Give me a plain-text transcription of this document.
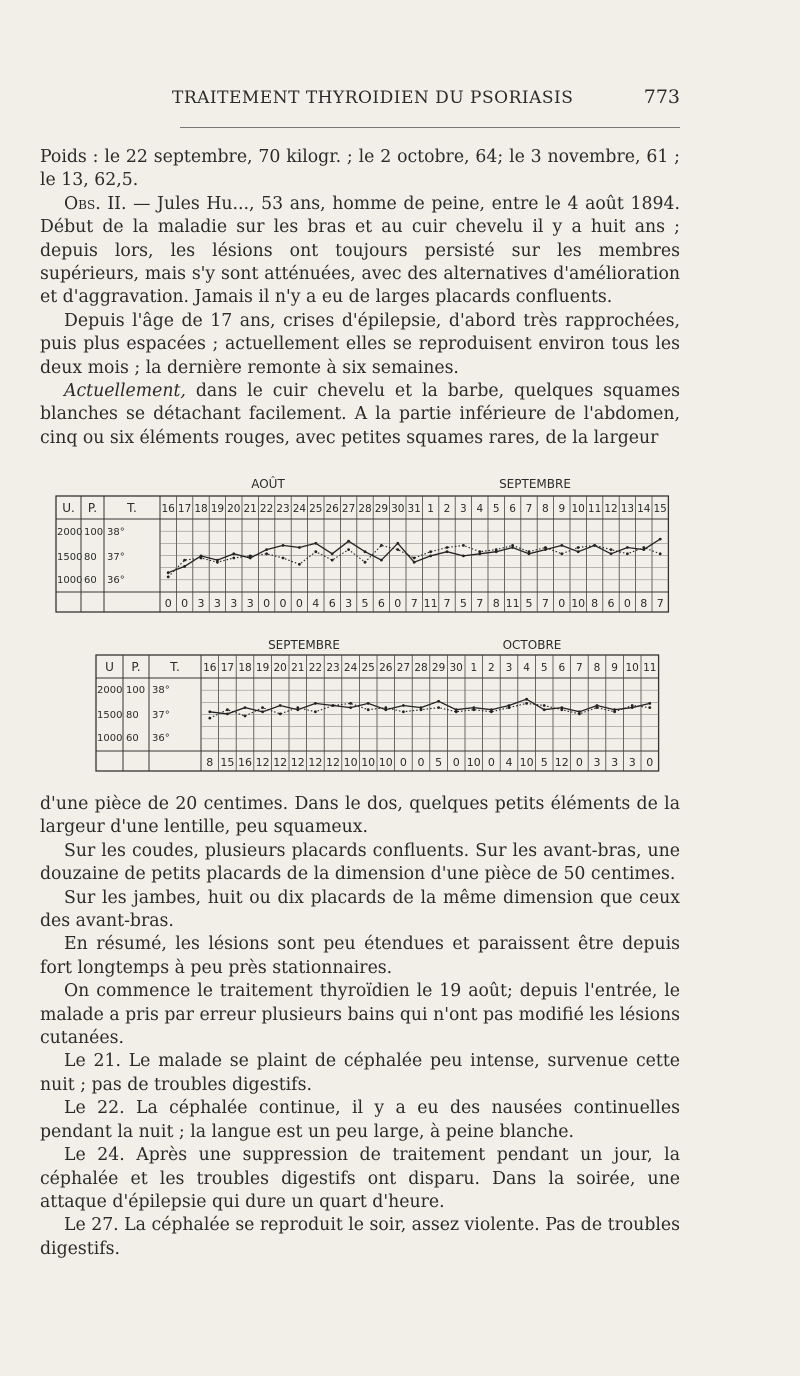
TRAITEMENT THYROIDIEN DU PSORIASIS	773

Poids : le 22 septembre, 70 kilogr. ; le 2 octobre, 64; le 3 novembre, 61 ; le 13, 62,5.

Obs. II. — Jules Hu..., 53 ans, homme de peine, entre le 4 août 1894. Début de la maladie sur les bras et au cuir chevelu il y a huit ans ; depuis lors, les lésions ont toujours persisté sur les membres supérieurs, mais s'y sont atténuées, avec des alternatives d'amélioration et d'aggravation. Jamais il n'y a eu de larges placards confluents.

Depuis l'âge de 17 ans, crises d'épilepsie, d'abord très rapprochées, puis plus espacées ; actuellement elles se reproduisent environ tous les deux mois ; la dernière remonte à six semaines.

Actuellement, dans le cuir chevelu et la barbe, quelques squames blanches se détachant facilement. A la partie inférieure de l'abdomen, cinq ou six éléments rouges, avec petites squames rares, de la largeur

AOÛT	SEPTEMBRE
U. P.	T.
2000
1500
1000
100
80
60
38°
37°
36°
16 17 18 19 20 21 22 23 24 25 26 27 28 29 30 31 1 2 3 4 5 6 7 8 9 10 11 12 13 14 15
0 0 3 3 3 3 0 0 0 4 6 3 5 6 0 7 11 7 5 7 8 11 5 7 0 10 8 6 0 8 7
SEPTEMBRE	OCTOBRE
U P. T.
2000
1500
1000
100
80
60
38°
37°
36°
16 17 18 19 20 21 22 23 24 25 26 27 28 29 30 1 2 3 4 5 6 7 8 9 10 11
8 15 16 12 12 12 12 12 10 10 10 0 0 5 0 10 0 4 10 5 12 0 3 3 3 0

d'une pièce de 20 centimes. Dans le dos, quelques petits éléments de la largeur d'une lentille, peu squameux.

Sur les coudes, plusieurs placards confluents. Sur les avant-bras, une douzaine de petits placards de la dimension d'une pièce de 50 centimes.

Sur les jambes, huit ou dix placards de la même dimension que ceux des avant-bras.

En résumé, les lésions sont peu étendues et paraissent être depuis fort longtemps à peu près stationnaires.

On commence le traitement thyroïdien le 19 août; depuis l'entrée, le malade a pris par erreur plusieurs bains qui n'ont pas modifié les lésions cutanées.

Le 21. Le malade se plaint de céphalée peu intense, survenue cette nuit ; pas de troubles digestifs.

Le 22. La céphalée continue, il y a eu des nausées continuelles pendant la nuit ; la langue est un peu large, à peine blanche.

Le 24. Après une suppression de traitement pendant un jour, la céphalée et les troubles digestifs ont disparu. Dans la soirée, une attaque d'épilepsie qui dure un quart d'heure.

Le 27. La céphalée se reproduit le soir, assez violente. Pas de troubles digestifs.
